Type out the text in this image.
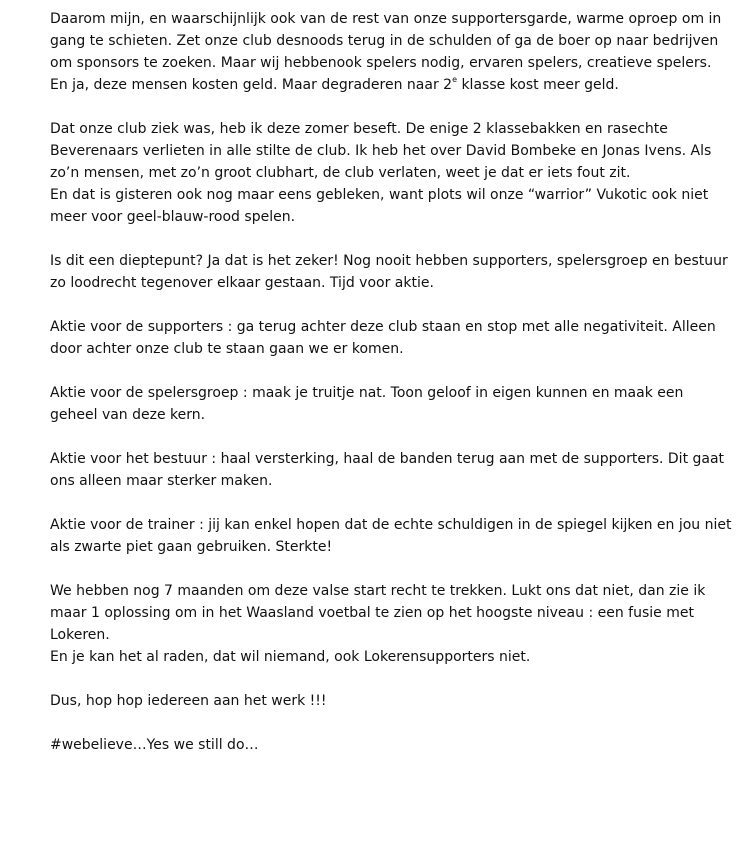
Daarom mijn, en waarschijnlijk ook van de rest van onze supportersgarde, warme oproep om in
gang te schieten. Zet onze club desnoods terug in de schulden of ga de boer op naar bedrijven
om sponsors te zoeken. Maar wij hebbenook spelers nodig, ervaren spelers, creatieve spelers.
En ja, deze mensen kosten geld. Maar degraderen naar 2e klasse kost meer geld.
Dat onze club ziek was, heb ik deze zomer beseft. De enige 2 klassebakken en rasechte
Beverenaars verlieten in alle stilte de club. Ik heb het over David Bombeke en Jonas Ivens. Als
zo’n mensen, met zo’n groot clubhart, de club verlaten, weet je dat er iets fout zit.
En dat is gisteren ook nog maar eens gebleken, want plots wil onze “warrior” Vukotic ook niet
meer voor geel-blauw-rood spelen.
Is dit een dieptepunt? Ja dat is het zeker! Nog nooit hebben supporters, spelersgroep en bestuur
zo loodrecht tegenover elkaar gestaan. Tijd voor aktie.
Aktie voor de supporters : ga terug achter deze club staan en stop met alle negativiteit. Alleen
door achter onze club te staan gaan we er komen.
Aktie voor de spelersgroep : maak je truitje nat. Toon geloof in eigen kunnen en maak een
geheel van deze kern.
Aktie voor het bestuur : haal versterking, haal de banden terug aan met de supporters. Dit gaat
ons alleen maar sterker maken.
Aktie voor de trainer : jij kan enkel hopen dat de echte schuldigen in de spiegel kijken en jou niet
als zwarte piet gaan gebruiken. Sterkte!
We hebben nog 7 maanden om deze valse start recht te trekken. Lukt ons dat niet, dan zie ik
maar 1 oplossing om in het Waasland voetbal te zien op het hoogste niveau : een fusie met
Lokeren.
En je kan het al raden, dat wil niemand, ook Lokerensupporters niet.
Dus, hop hop iedereen aan het werk !!!
#webelieve…Yes we still do…
